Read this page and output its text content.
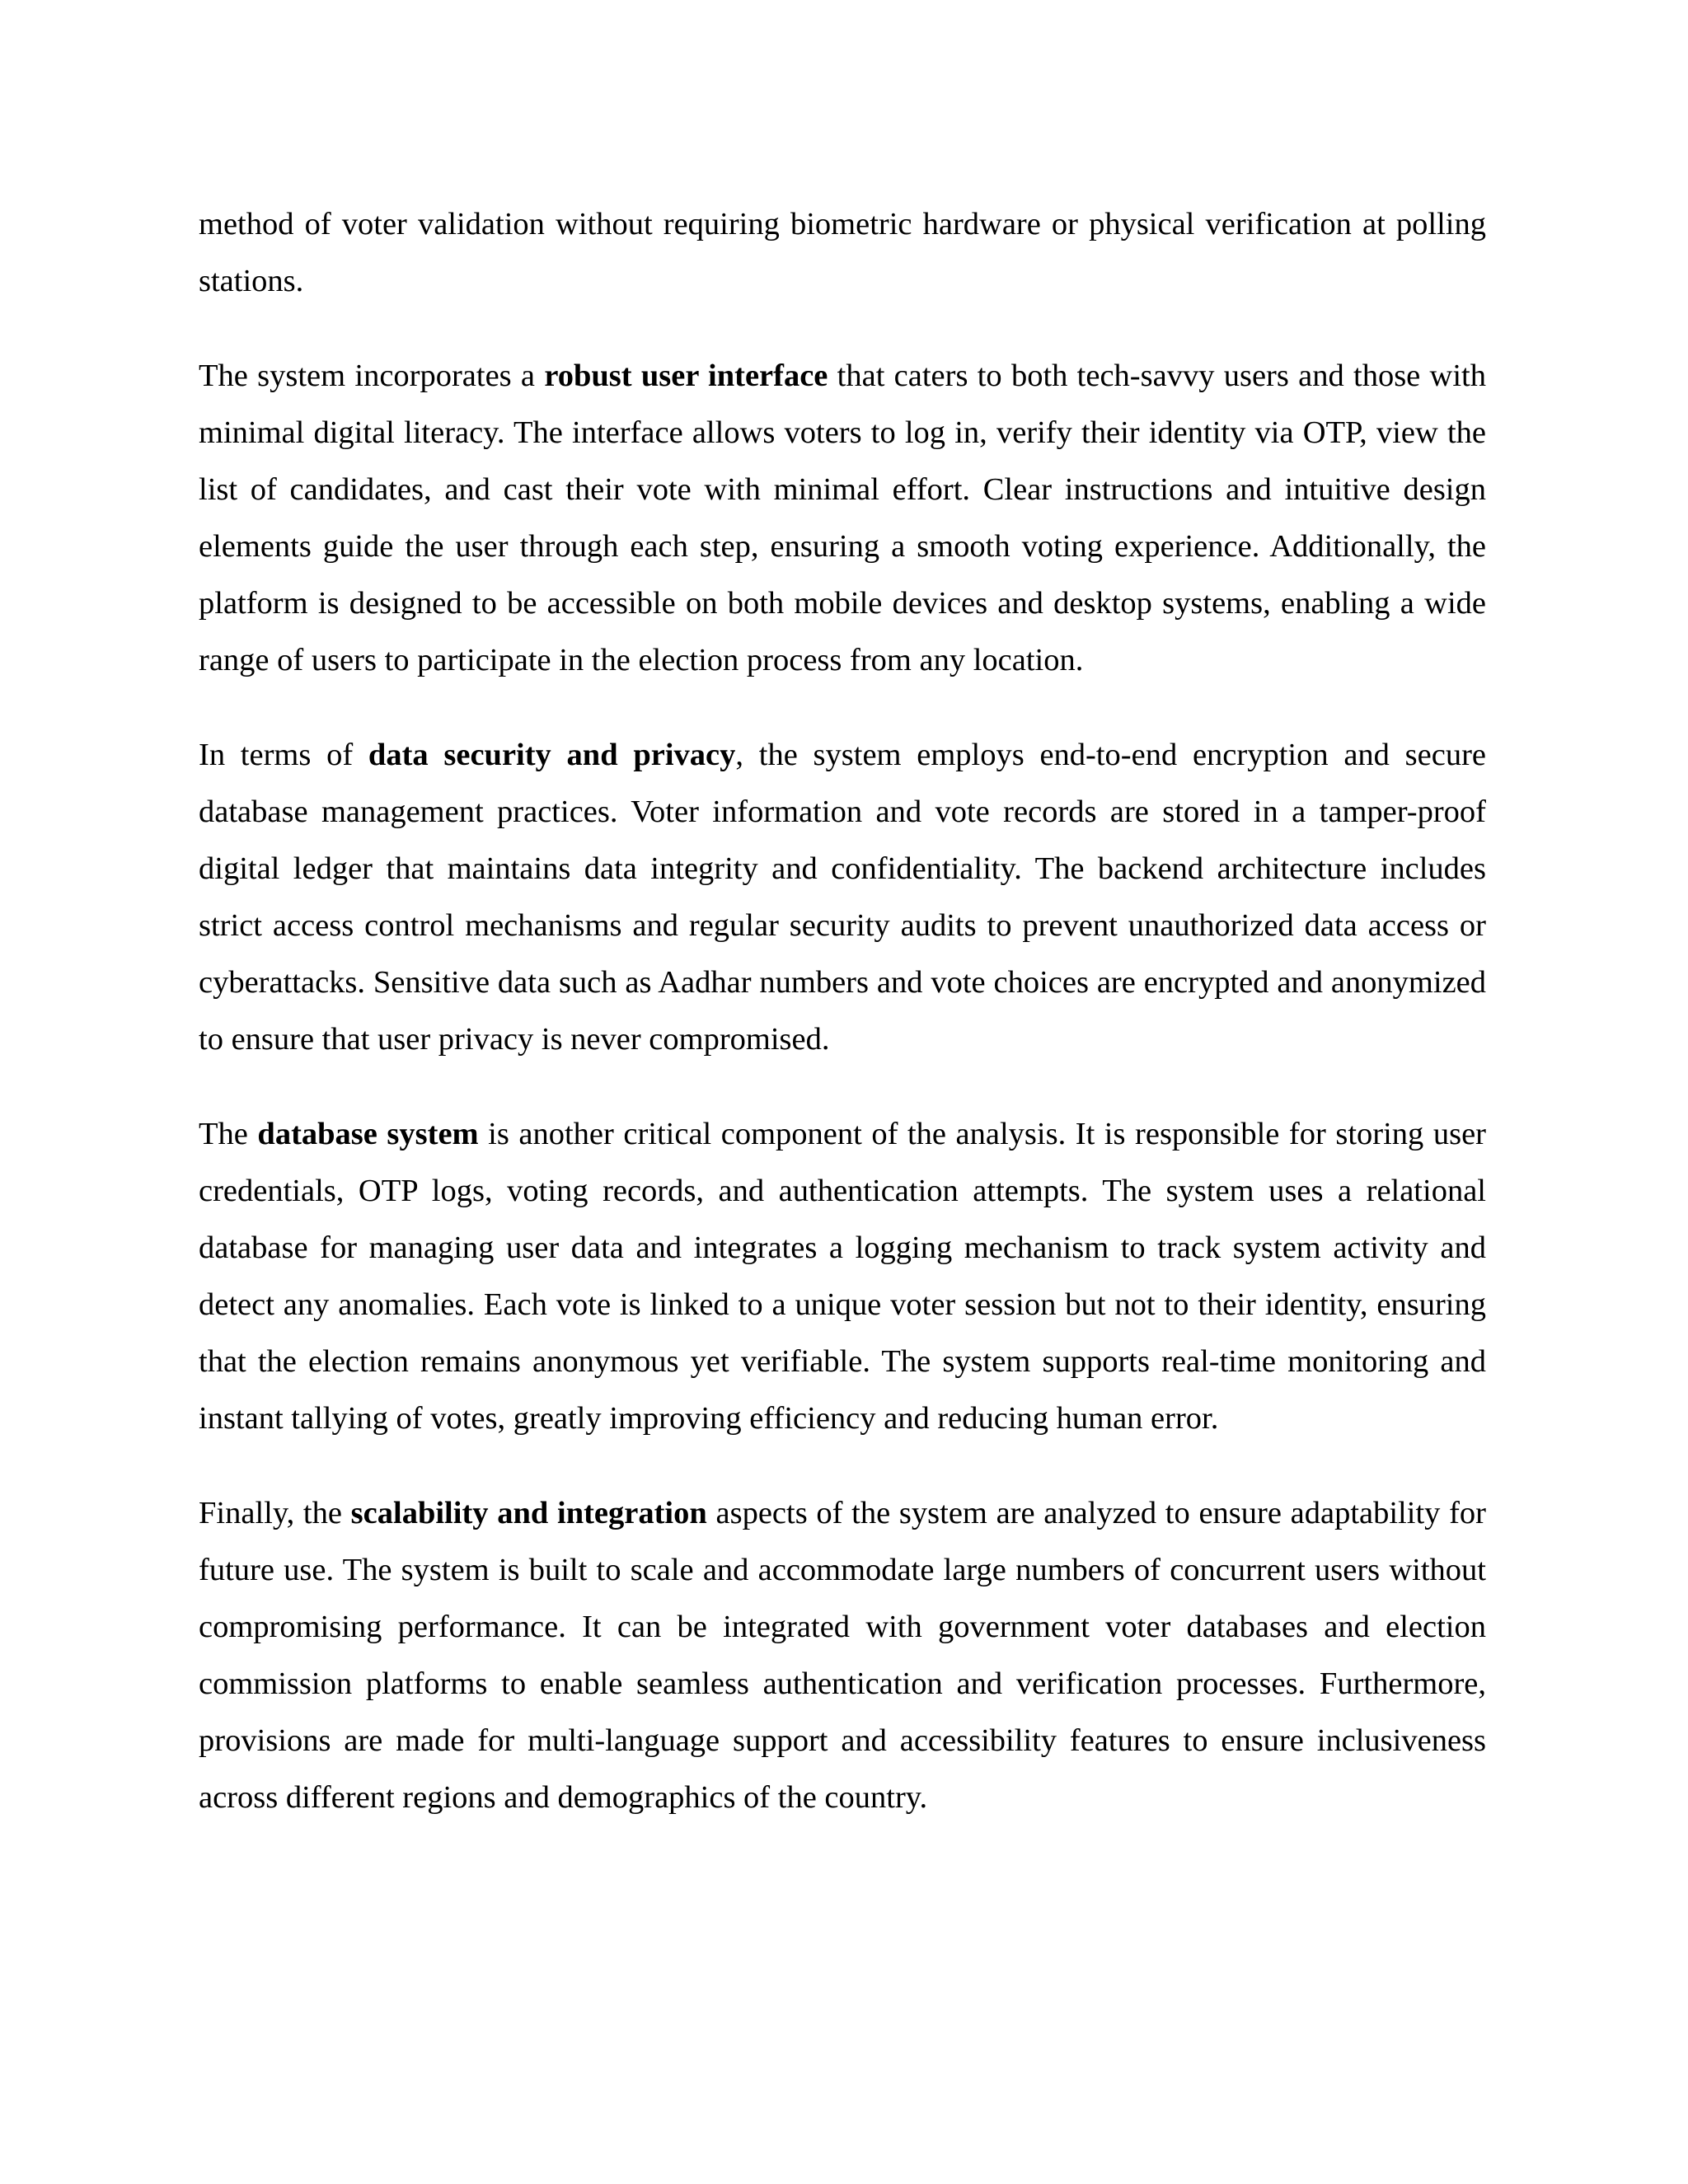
method of voter validation without requiring biometric hardware or physical verification at polling stations.

The system incorporates a robust user interface that caters to both tech-savvy users and those with minimal digital literacy. The interface allows voters to log in, verify their identity via OTP, view the list of candidates, and cast their vote with minimal effort. Clear instructions and intuitive design elements guide the user through each step, ensuring a smooth voting experience. Additionally, the platform is designed to be accessible on both mobile devices and desktop systems, enabling a wide range of users to participate in the election process from any location.

In terms of data security and privacy, the system employs end-to-end encryption and secure database management practices. Voter information and vote records are stored in a tamper-proof digital ledger that maintains data integrity and confidentiality. The backend architecture includes strict access control mechanisms and regular security audits to prevent unauthorized data access or cyberattacks. Sensitive data such as Aadhar numbers and vote choices are encrypted and anonymized to ensure that user privacy is never compromised.

The database system is another critical component of the analysis. It is responsible for storing user credentials, OTP logs, voting records, and authentication attempts. The system uses a relational database for managing user data and integrates a logging mechanism to track system activity and detect any anomalies. Each vote is linked to a unique voter session but not to their identity, ensuring that the election remains anonymous yet verifiable. The system supports real-time monitoring and instant tallying of votes, greatly improving efficiency and reducing human error.

Finally, the scalability and integration aspects of the system are analyzed to ensure adaptability for future use. The system is built to scale and accommodate large numbers of concurrent users without compromising performance. It can be integrated with government voter databases and election commission platforms to enable seamless authentication and verification processes. Furthermore, provisions are made for multi-language support and accessibility features to ensure inclusiveness across different regions and demographics of the country.
